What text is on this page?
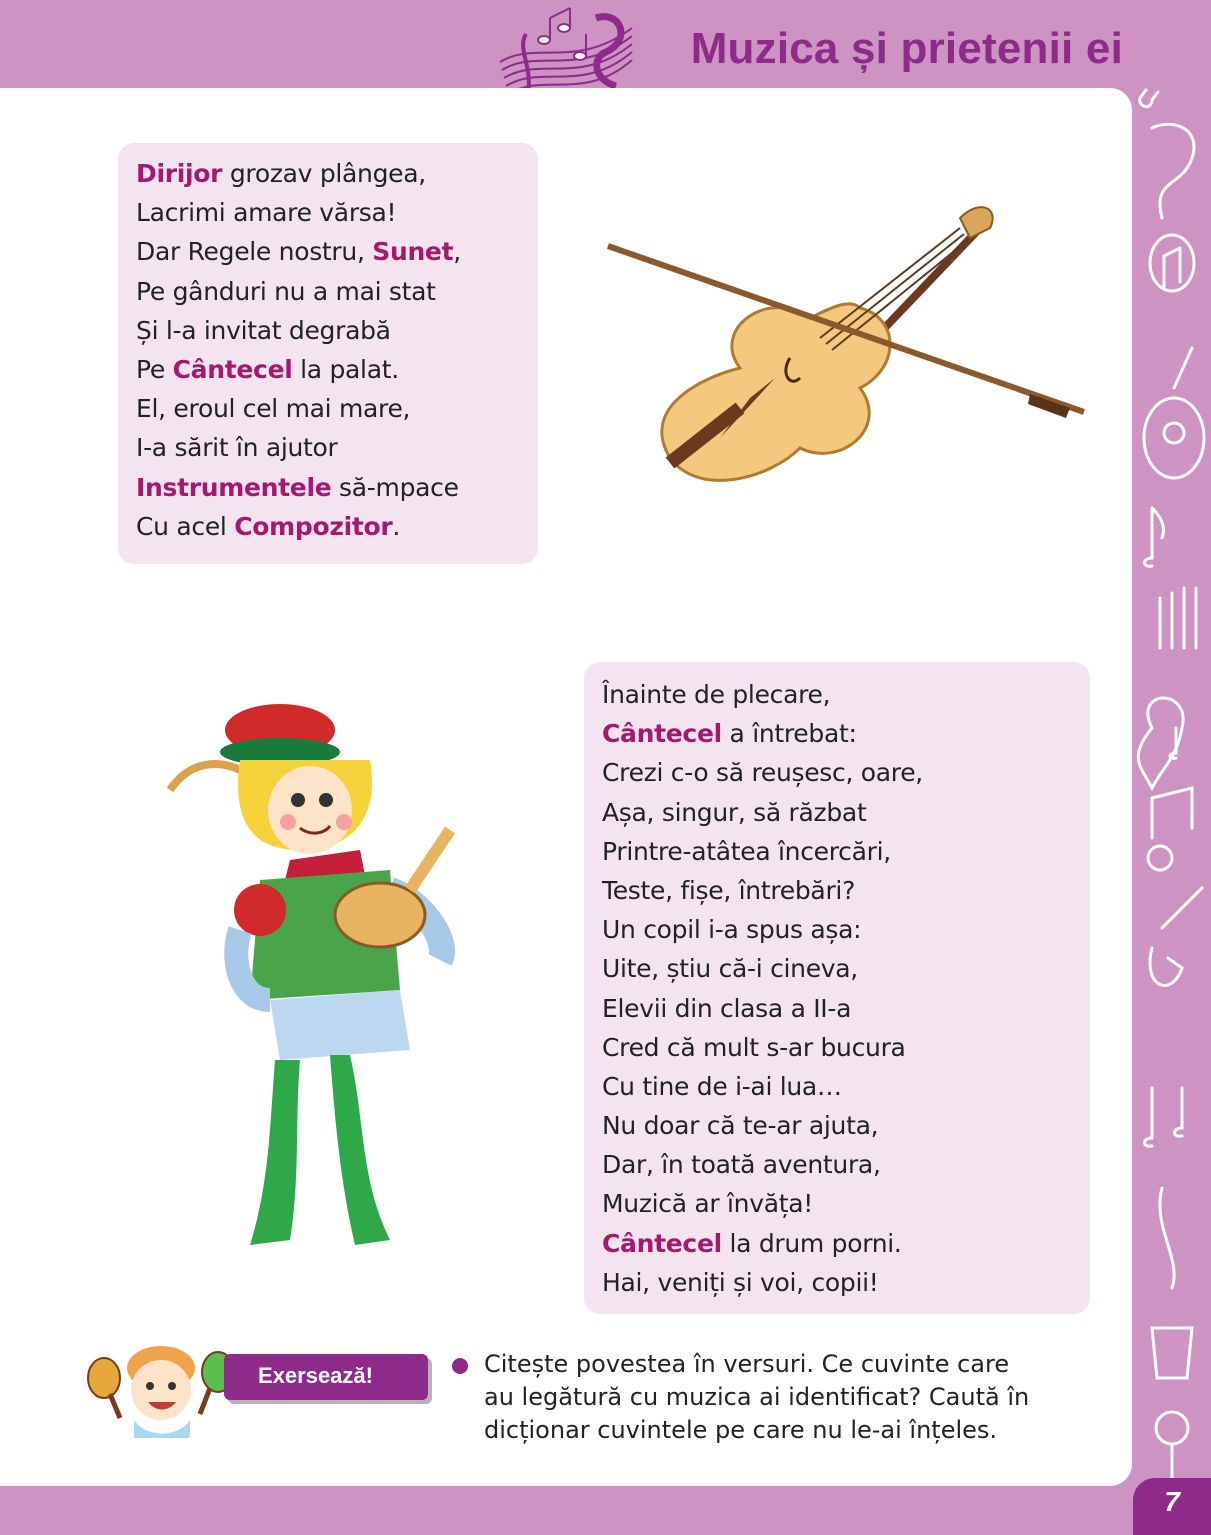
Muzica și prietenii ei
7
Dirijor grozav plângea,
Lacrimi amare vărsa!
Dar Regele nostru, Sunet,
Pe gânduri nu a mai stat
Și l-a invitat degrabă
Pe Cântecel la palat.
El, eroul cel mai mare,
I-a sărit în ajutor
Instrumentele să-mpace
Cu acel Compozitor.
Înainte de plecare,
Cântecel a întrebat:
Crezi c-o să reușesc, oare,
Așa, singur, să răzbat
Printre-atâtea încercări,
Teste, fișe, întrebări?
Un copil i-a spus așa:
Uite, știu că-i cineva,
Elevii din clasa a II-a
Cred că mult s-ar bucura
Cu tine de i-ai lua…
Nu doar că te-ar ajuta,
Dar, în toată aventura,
Muzică ar învăța!
Cântecel la drum porni.
Hai, veniți și voi, copii!
Exersează!	Citește povestea în versuri. Ce cuvinte care au legătură cu muzica ai identificat? Caută în dicționar cuvintele pe care nu le-ai înțeles.
